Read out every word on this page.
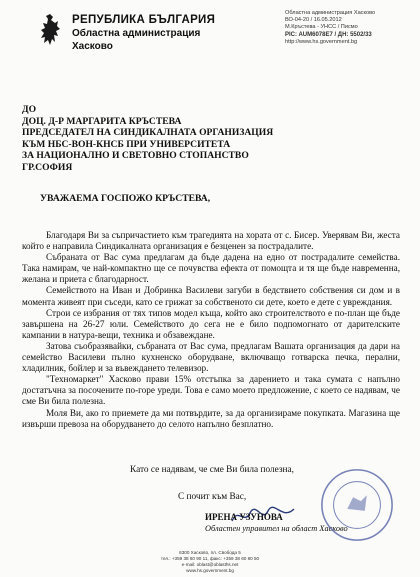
РЕПУБЛИКА БЪЛГАРИЯ
Областна администрация
Хасково
Областна администрация Хасково
ВО-04-20 / 16.05.2012
М.Кръстева - УНСС / Писмо
PIC: AUM6078E7 / ДН: 5502/33
http://www.hs.government.bg
ДО
ДОЦ. Д-Р МАРГАРИТА КРЪСТЕВА
ПРЕДСЕДАТЕЛ НА СИНДИКАЛНАТА ОРГАНИЗАЦИЯ
КЪМ НБС-ВОН-КНСБ ПРИ УНИВЕРСИТЕТА
ЗА НАЦИОНАЛНО И СВЕТОВНО СТОПАНСТВО
ГР.СОФИЯ
УВАЖАЕМА ГОСПОЖО КРЪСТЕВА,

Благодаря Ви за съпричастието към трагедията на хората от с. Бисер. Уверявам Ви, жеста който е направила Синдикалната организация е безценен за пострадалите.

Събраната от Вас сума предлагам да бъде дадена на едно от пострадалите семейства. Така намирам, че най-компактно ще се почувства ефекта от помощта и тя ще бъде навременна, желана и приета с благодарност.

Семейството на Иван и Добринка Василеви загуби в бедствието собствения си дом и в момента живеят при съседи, като се грижат за собственото си дете, което е дете с увреждания.

Строи се избрания от тях типов модел къща, който ако строителството е по-план ще бъде завършена на 26-27 юли. Семейството до сега не е било подпомогнато от дарителските кампании в натура-вещи, техника и обзавеждане.

Затова съобразявайки, събраната от Вас сума, предлагам Вашата организация да дари на семейство Василеви пълно кухненско оборудване, включващо готварска печка, перални, хладилник, бойлер и за въвеждането телевизор.

"Техномаркет" Хасково прави 15% отстъпка за дарението и така сумата с напълно достатъчна за посочените по-горе уреди. Това е само моето предложение, с което се надявам, че сме Ви била полезна.

Моля Ви, ако го приемете да ми потвърдите, за да организираме покупката. Магазина ще извърши превоза на оборудването до селото напълно безплатно.

Като се надявам, че сме Ви била полезна,
С почит към Вас,
ИРЕНА УЗУНОВА
Областен управител на област Хасково
6300 Хасково, пл. Свобода 5
тел.: +359 38 60 90 11, факс: +359 38 60 80 50
e-mail: oblast@oblasths.net
www.hs.government.bg
